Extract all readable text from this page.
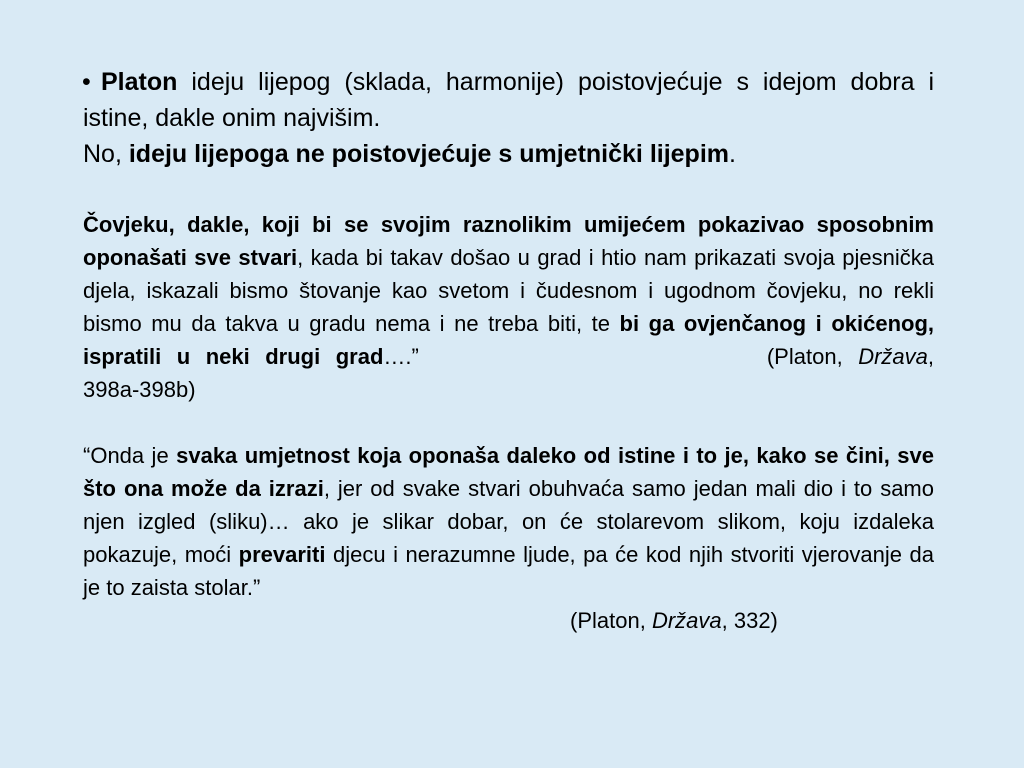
• Platon ideju lijepog (sklada, harmonije) poistovjećuje s idejom dobra i istine, dakle onim najvišim.

No, ideju lijepoga ne poistovjećuje s umjetnički lijepim.

Čovjeku, dakle, koji bi se svojim raznolikim umijećem pokazivao sposobnim oponašati sve stvari, kada bi takav došao u grad i htio nam prikazati svoja pjesnička djela, iskazali bismo štovanje kao svetom i čudesnom i ugodnom čovjeku, no rekli bismo mu da takva u gradu nema i ne treba biti, te bi ga ovjenčanog i okićenog, ispratili u neki drugi grad….”	(Platon, Država, 398a-398b)

“Onda je svaka umjetnost koja oponaša daleko od istine i to je, kako se čini, sve što ona može da izrazi, jer od svake stvari obuhvaća samo jedan mali dio i to samo njen izgled (sliku)… ako je slikar dobar, on će stolarevom slikom, koju izdaleka pokazuje, moći prevariti djecu i nerazumne ljude, pa će kod njih stvoriti vjerovanje da je to zaista stolar.”

(Platon, Država, 332)
